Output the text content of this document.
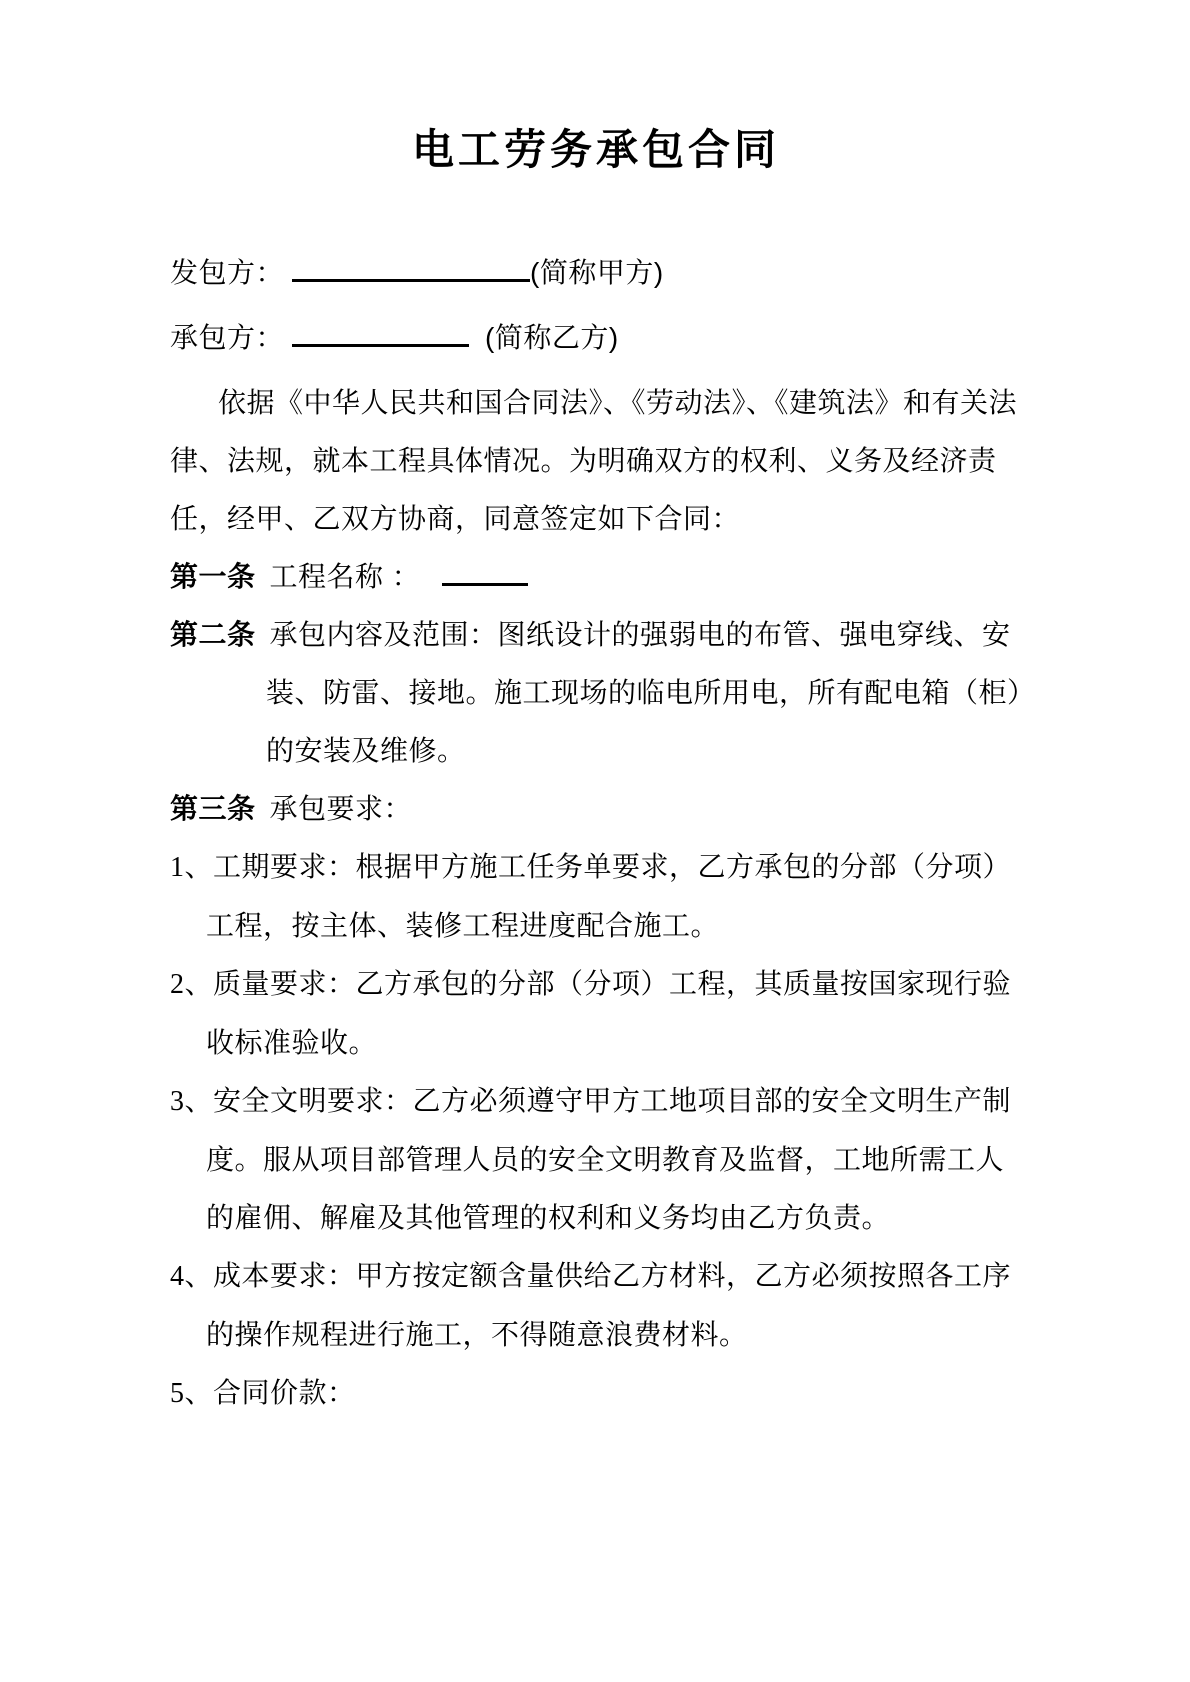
电工劳务承包合同
发包方：	(简称甲方)
承包方：	(简称乙方)

依据《中华人民共和国合同法》、《劳动法》、《建筑法》和有关法律、法规，就本工程具体情况。为明确双方的权利、义务及经济责任，经甲、乙双方协商，同意签定如下合同：

第一条 工程名称 ：

第二条 承包内容及范围：图纸设计的强弱电的布管、强电穿线、安装、防雷、接地。施工现场的临电所用电，所有配电箱（柜）的安装及维修。

第三条 承包要求：

1、工期要求：根据甲方施工任务单要求，乙方承包的分部（分项）工程，按主体、装修工程进度配合施工。

2、质量要求：乙方承包的分部（分项）工程，其质量按国家现行验收标准验收。

3、安全文明要求：乙方必须遵守甲方工地项目部的安全文明生产制度。服从项目部管理人员的安全文明教育及监督，工地所需工人的雇佣、解雇及其他管理的权利和义务均由乙方负责。

4、成本要求：甲方按定额含量供给乙方材料，乙方必须按照各工序的操作规程进行施工，不得随意浪费材料。

5、合同价款：
